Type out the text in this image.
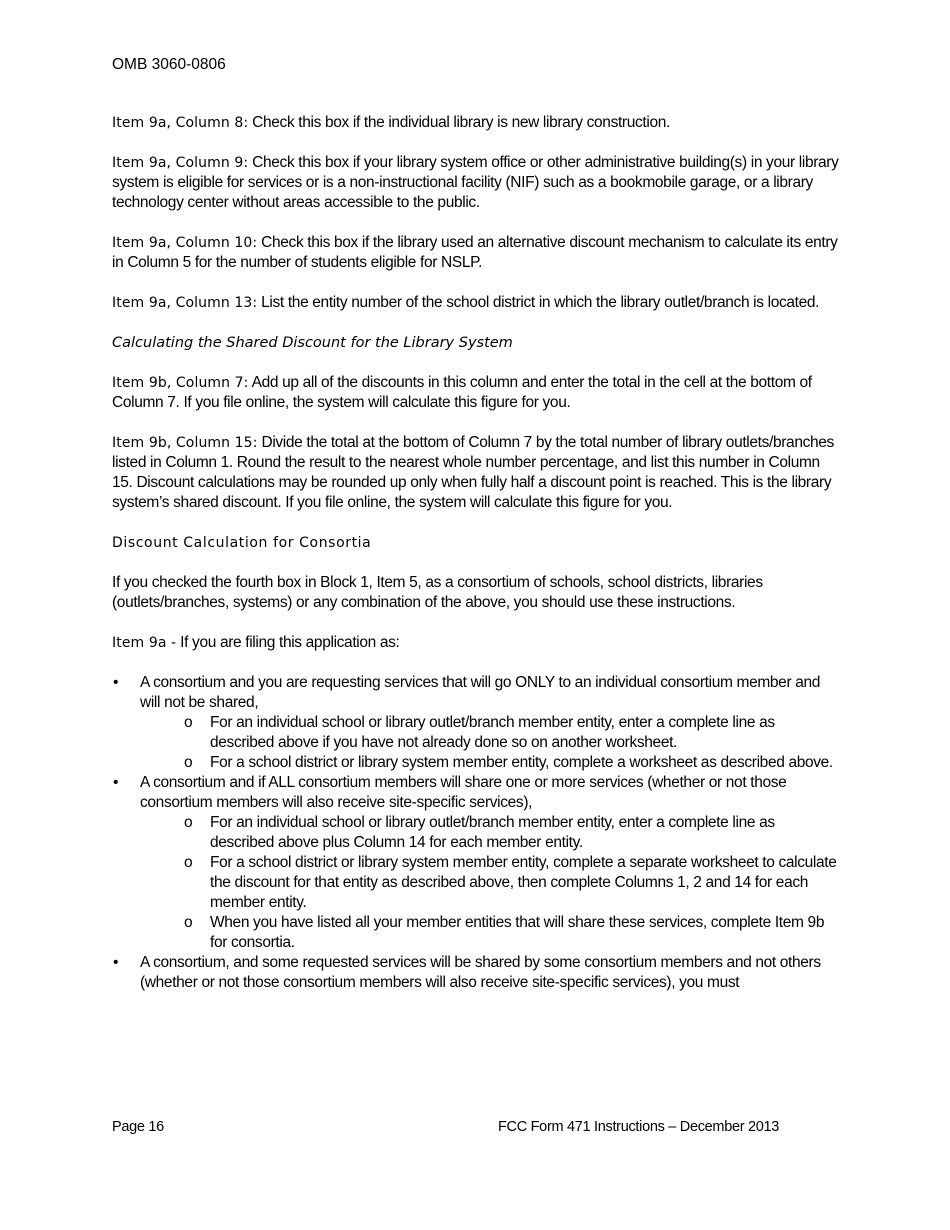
OMB 3060-0806

Item 9a, Column 8: Check this box if the individual library is new library construction.

Item 9a, Column 9: Check this box if your library system office or other administrative building(s) in your library system is eligible for services or is a non-instructional facility (NIF) such as a bookmobile garage, or a library technology center without areas accessible to the public.

Item 9a, Column 10: Check this box if the library used an alternative discount mechanism to calculate its entry in Column 5 for the number of students eligible for NSLP.

Item 9a, Column 13: List the entity number of the school district in which the library outlet/branch is located.

Calculating the Shared Discount for the Library System

Item 9b, Column 7: Add up all of the discounts in this column and enter the total in the cell at the bottom of Column 7. If you file online, the system will calculate this figure for you.

Item 9b, Column 15: Divide the total at the bottom of Column 7 by the total number of library outlets/branches listed in Column 1. Round the result to the nearest whole number percentage, and list this number in Column 15. Discount calculations may be rounded up only when fully half a discount point is reached. This is the library system’s shared discount. If you file online, the system will calculate this figure for you.

Discount Calculation for Consortia

If you checked the fourth box in Block 1, Item 5, as a consortium of schools, school districts, libraries (outlets/branches, systems) or any combination of the above, you should use these instructions.

Item 9a - If you are filing this application as:

• A consortium and you are requesting services that will go ONLY to an individual consortium member and will not be shared,
o For an individual school or library outlet/branch member entity, enter a complete line as described above if you have not already done so on another worksheet.
o For a school district or library system member entity, complete a worksheet as described above.
• A consortium and if ALL consortium members will share one or more services (whether or not those consortium members will also receive site-specific services),
o For an individual school or library outlet/branch member entity, enter a complete line as described above plus Column 14 for each member entity.
o For a school district or library system member entity, complete a separate worksheet to calculate the discount for that entity as described above, then complete Columns 1, 2 and 14 for each member entity.
o When you have listed all your member entities that will share these services, complete Item 9b for consortia.
• A consortium, and some requested services will be shared by some consortium members and not others (whether or not those consortium members will also receive site-specific services), you must
Page 16	FCC Form 471 Instructions – December 2013
